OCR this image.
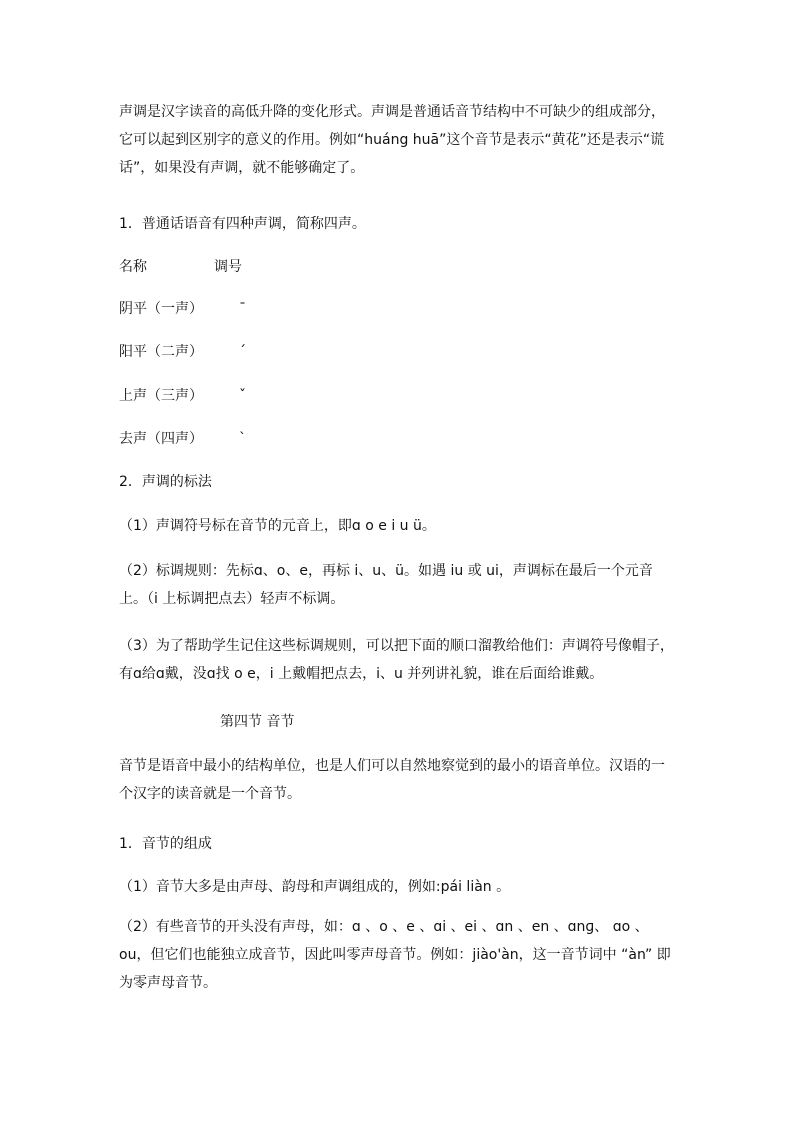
声调是汉字读音的高低升降的变化形式。声调是普通话音节结构中不可缺少的组成部分，它可以起到区别字的意义的作用。例如“huáng huā”这个音节是表示“黄花”还是表示“谎话”，如果没有声调，就不能够确定了。

1．普通话语音有四种声调，简称四声。

名称	调号
阴平（一声）	ˉ
阳平（二声）	ˊ
上声（三声）	ˇ
去声（四声）	ˋ

2．声调的标法

（1）声调符号标在音节的元音上，即ɑ o e i u ü。

（2）标调规则：先标ɑ、o、e，再标 i、u、ü。如遇 iu 或 ui，声调标在最后一个元音上。（i 上标调把点去）轻声不标调。

（3）为了帮助学生记住这些标调规则，可以把下面的顺口溜教给他们：声调符号像帽子，有ɑ给ɑ戴，没ɑ找 o e，i 上戴帽把点去，i、u 并列讲礼貌，谁在后面给谁戴。

第四节 音节

音节是语音中最小的结构单位，也是人们可以自然地察觉到的最小的语音单位。汉语的一个汉字的读音就是一个音节。

1．音节的组成

（1）音节大多是由声母、韵母和声调组成的，例如:pái liàn 。

（2）有些音节的开头没有声母，如：ɑ 、o 、e 、ɑi 、ei 、ɑn 、en 、ɑnɡ、 ɑo 、ou，但它们也能独立成音节，因此叫零声母音节。例如：jiào'àn，这一音节词中 “àn” 即为零声母音节。
